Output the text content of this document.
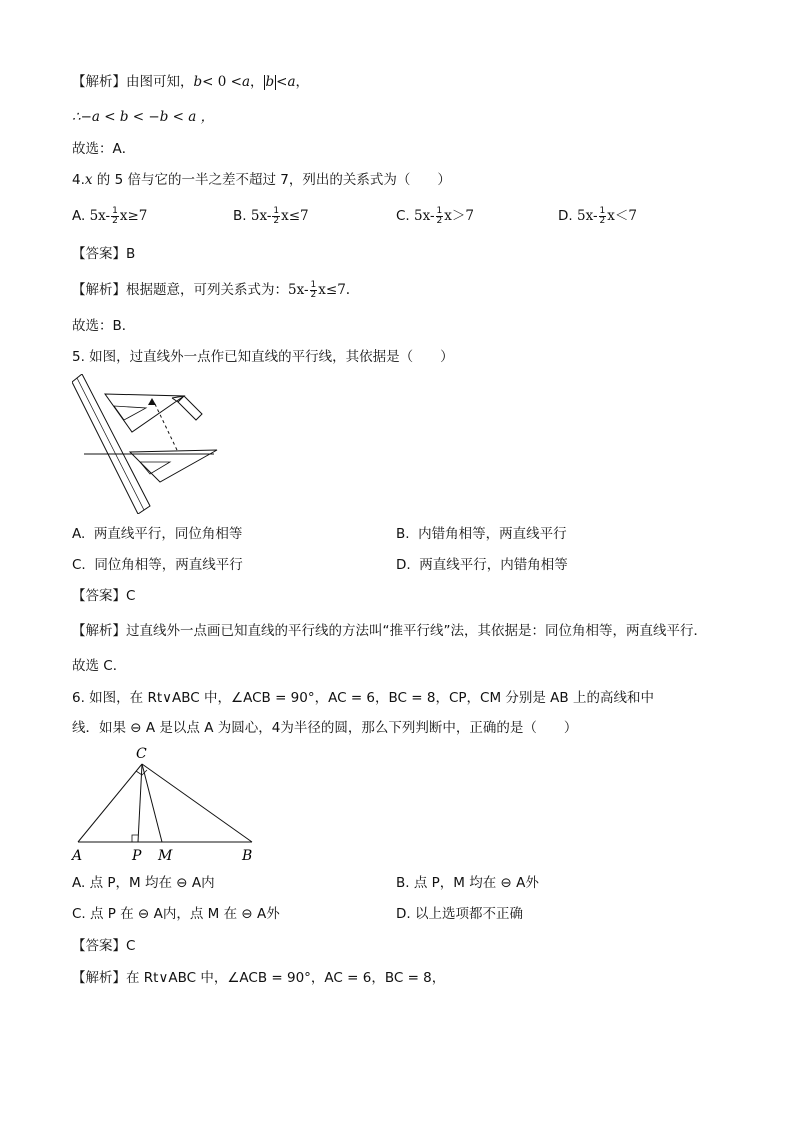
【解析】由图可知，b< 0 <a， b <a，
∴−a < b < −b < a ，
故选：A．
4.x 的 5 倍与它的一半之差不超过 7，列出的关系式为（　　）
A. $5x- \frac{1}{2} x\ge 7$	B. $5x- \frac{1}{2} x\le 7$	C. $5x- \frac{1}{2} x>7$	D. $5x- \frac{1}{2} x<7$
【答案】B
【解析】根据题意，可列关系式为：$5x- \frac{1}{2} x\le 7$.
故选：B．
5. 如图，过直线外一点作已知直线的平行线，其依据是（　　）
A. 两直线平行，同位角相等	B. 内错角相等，两直线平行
C. 同位角相等，两直线平行	D. 两直线平行，内错角相等
【答案】C
【解析】过直线外一点画已知直线的平行线的方法叫“推平行线”法，其依据是：同位角相等，两直线平行．
故选 C．
6. 如图，在 Rt∨ABC 中，∠ACB = 90°，AC = 6，BC = 8，CP，CM 分别是 AB 上的高线和中
线．如果 ⊖ A 是以点 A 为圆心，4为半径的圆，那么下列判断中，正确的是（　　）
C
A	P M	B
A. 点 P，M 均在 ⊖ A内	B. 点 P，M 均在 ⊖ A外
C. 点 P 在 ⊖ A内，点 M 在 ⊖ A外	D. 以上选项都不正确
【答案】C
【解析】在 Rt∨ABC 中，∠ACB = 90°，AC = 6，BC = 8，
